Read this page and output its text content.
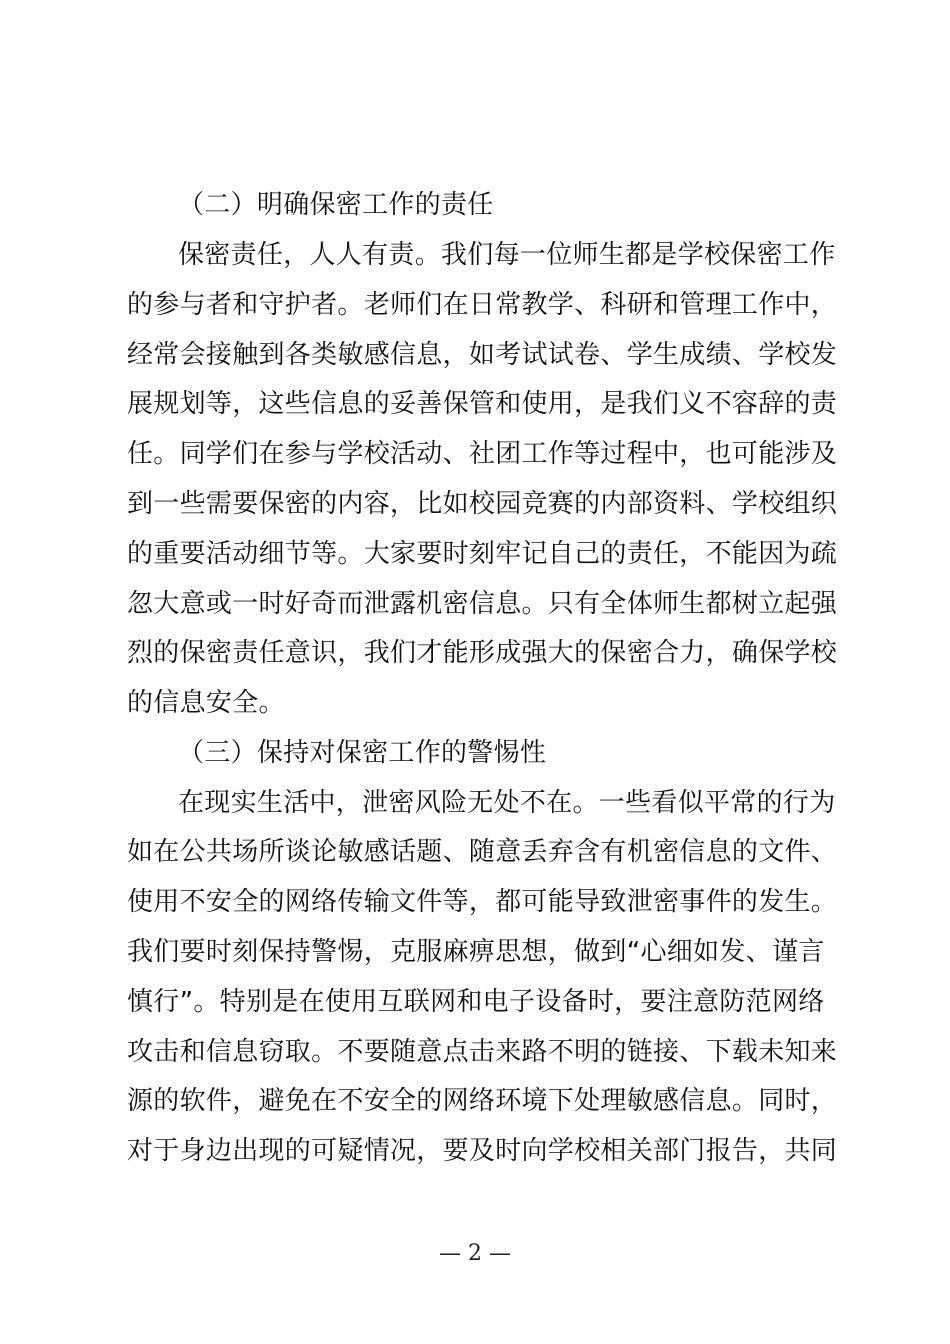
（二）明确保密工作的责任
保密责任，人人有责。我们每一位师生都是学校保密工作
的参与者和守护者。老师们在日常教学、科研和管理工作中，
经常会接触到各类敏感信息，如考试试卷、学生成绩、学校发
展规划等，这些信息的妥善保管和使用，是我们义不容辞的责
任。同学们在参与学校活动、社团工作等过程中，也可能涉及
到一些需要保密的内容，比如校园竞赛的内部资料、学校组织
的重要活动细节等。大家要时刻牢记自己的责任，不能因为疏
忽大意或一时好奇而泄露机密信息。只有全体师生都树立起强
烈的保密责任意识，我们才能形成强大的保密合力，确保学校
的信息安全。
（三）保持对保密工作的警惕性
在现实生活中，泄密风险无处不在。一些看似平常的行为
如在公共场所谈论敏感话题、随意丢弃含有机密信息的文件、
使用不安全的网络传输文件等，都可能导致泄密事件的发生。
我们要时刻保持警惕，克服麻痹思想，做到“心细如发、谨言
慎行”。特别是在使用互联网和电子设备时，要注意防范网络
攻击和信息窃取。不要随意点击来路不明的链接、下载未知来
源的软件，避免在不安全的网络环境下处理敏感信息。同时，
对于身边出现的可疑情况，要及时向学校相关部门报告，共同
— 2 —
